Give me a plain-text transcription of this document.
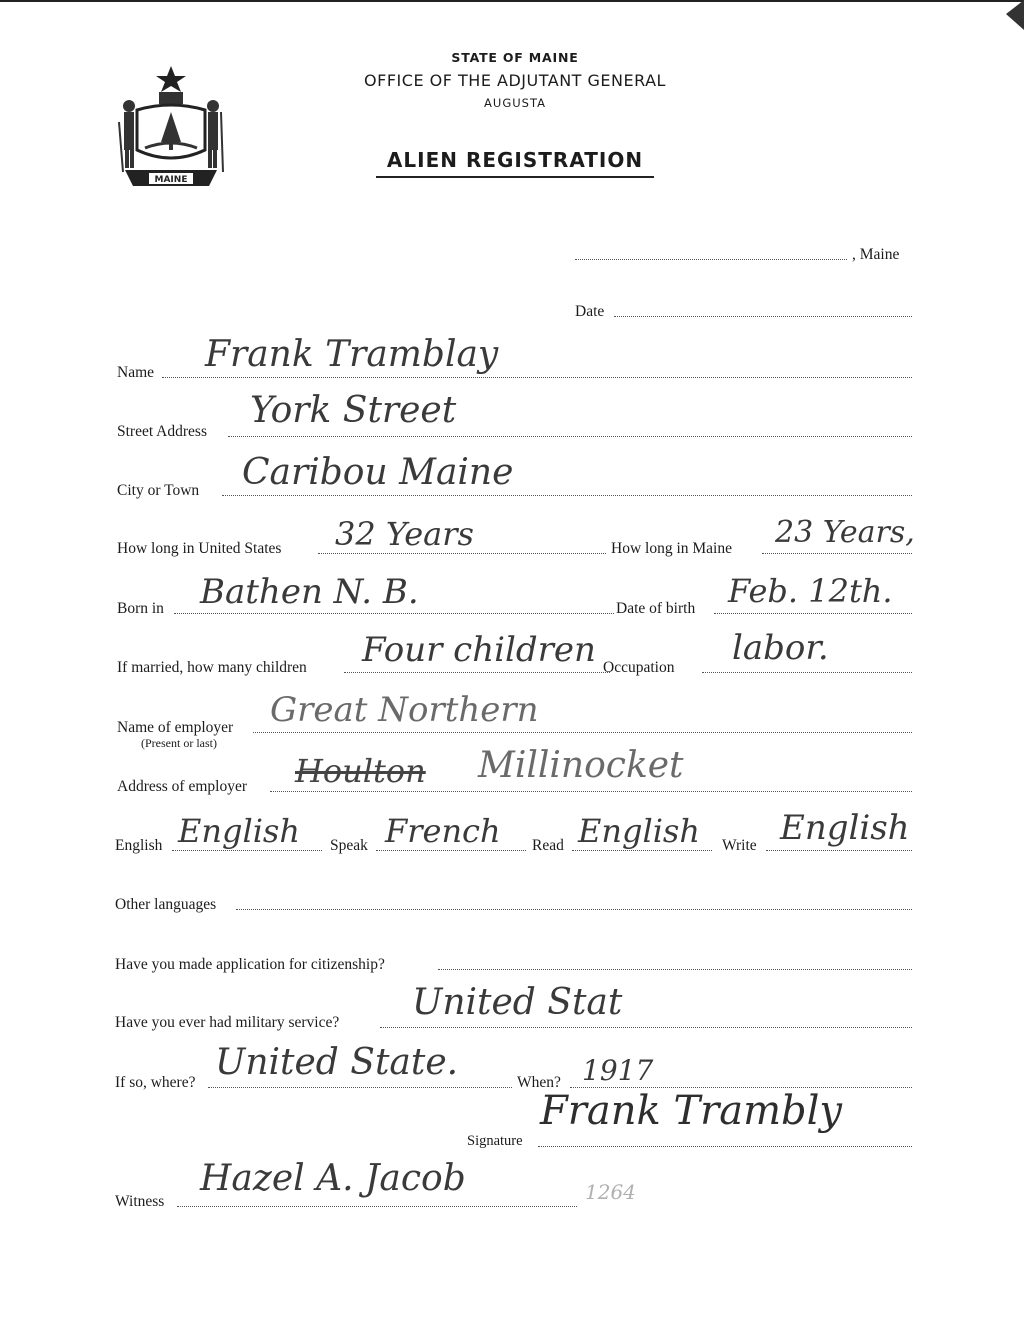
MAINE
STATE OF MAINE
OFFICE OF THE ADJUTANT GENERAL
AUGUSTA
ALIEN REGISTRATION
, Maine
Date
Name Frank Tramblay
Street Address
York Street
City or Town Caribou Maine
How long in United States 32 Years	How long in Maine 23 Years,
Born in Bathen N. B.	Date of birth Feb. 12th.
If married, how many children Four children Occupation labor.
Name of employer
(Present or last)
Great Northern
Address of employer Houlton Millinocket
English English Speak French Read English Write English
Other languages
Have you made application for citizenship?
Have you ever had military service? United Stat
If so, where? United State.	When? 1917
Signature
Frank Trambly
Witness
Hazel A. Jacob	1264
